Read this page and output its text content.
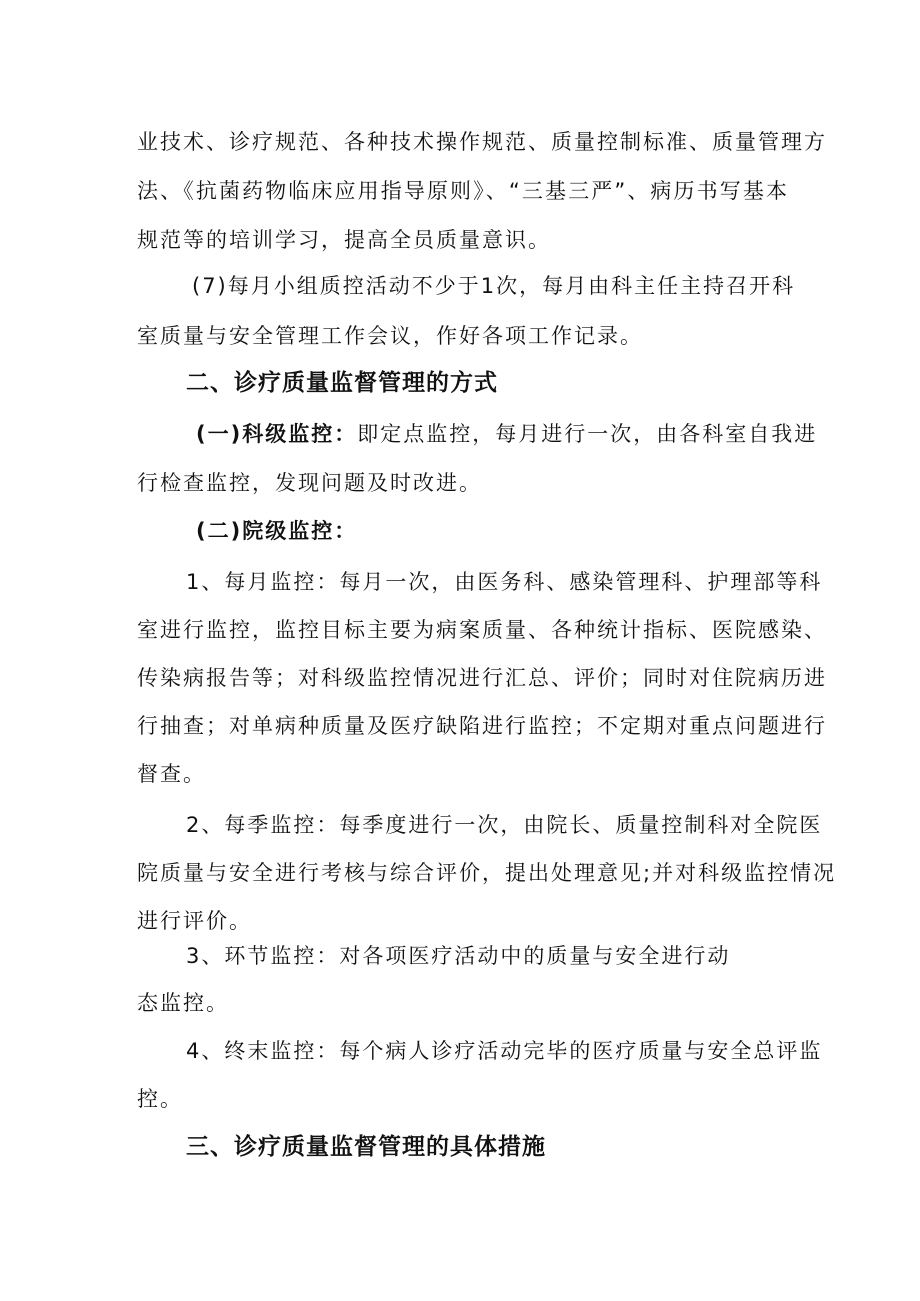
业技术、诊疗规范、各种技术操作规范、质量控制标准、质量管理方
法、《抗菌药物临床应用指导原则》、“三基三严”、病历书写基本
规范等的培训学习，提高全员质量意识。
(7)每月小组质控活动不少于1次，每月由科主任主持召开科
室质量与安全管理工作会议，作好各项工作记录。
二、诊疗质量监督管理的方式
(一)科级监控：即定点监控，每月进行一次，由各科室自我进
行检查监控，发现问题及时改进。
(二)院级监控：
1、每月监控：每月一次，由医务科、感染管理科、护理部等科
室进行监控，监控目标主要为病案质量、各种统计指标、医院感染、
传染病报告等；对科级监控情况进行汇总、评价；同时对住院病历进
行抽查；对单病种质量及医疗缺陷进行监控；不定期对重点问题进行
督查。
2、每季监控：每季度进行一次，由院长、质量控制科对全院医
院质量与安全进行考核与综合评价，提出处理意见;并对科级监控情况
进行评价。
3、环节监控：对各项医疗活动中的质量与安全进行动
态监控。
4、终末监控：每个病人诊疗活动完毕的医疗质量与安全总评监
控。
三、诊疗质量监督管理的具体措施
